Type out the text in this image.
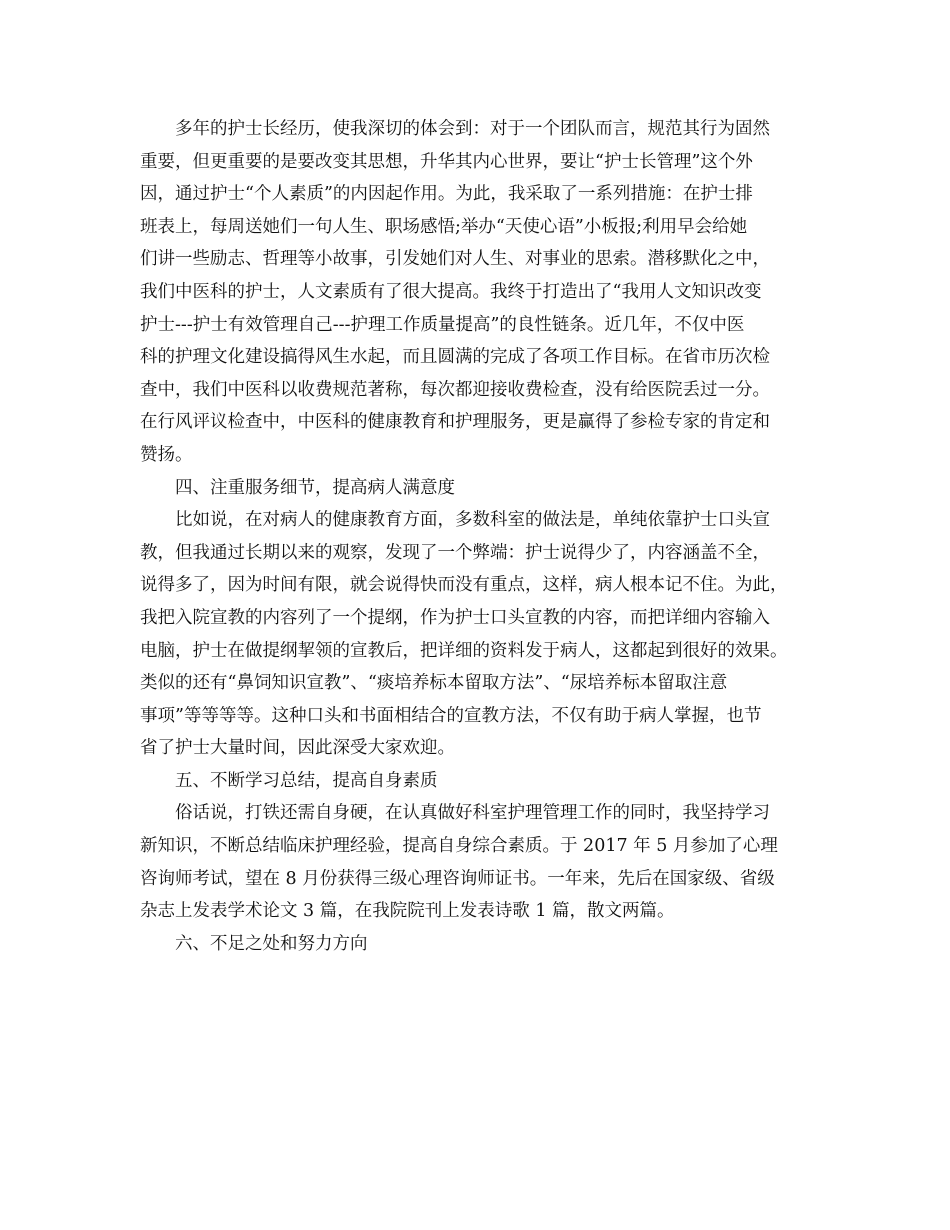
多年的护士长经历，使我深切的体会到：对于一个团队而言，规范其行为固然
重要，但更重要的是要改变其思想，升华其内心世界，要让“护士长管理”这个外
因，通过护士“个人素质”的内因起作用。为此，我采取了一系列措施：在护士排
班表上，每周送她们一句人生、职场感悟;举办“天使心语”小板报;利用早会给她
们讲一些励志、哲理等小故事，引发她们对人生、对事业的思索。潜移默化之中，
我们中医科的护士，人文素质有了很大提高。我终于打造出了“我用人文知识改变
护士---护士有效管理自己---护理工作质量提高”的良性链条。近几年，不仅中医
科的护理文化建设搞得风生水起，而且圆满的完成了各项工作目标。在省市历次检
查中，我们中医科以收费规范著称，每次都迎接收费检查，没有给医院丢过一分。
在行风评议检查中，中医科的健康教育和护理服务，更是赢得了参检专家的肯定和
赞扬。
四、注重服务细节，提高病人满意度
比如说，在对病人的健康教育方面，多数科室的做法是，单纯依靠护士口头宣
教，但我通过长期以来的观察，发现了一个弊端：护士说得少了，内容涵盖不全，
说得多了，因为时间有限，就会说得快而没有重点，这样，病人根本记不住。为此，
我把入院宣教的内容列了一个提纲，作为护士口头宣教的内容，而把详细内容输入
电脑，护士在做提纲挈领的宣教后，把详细的资料发于病人，这都起到很好的效果。
类似的还有“鼻饲知识宣教”、“痰培养标本留取方法”、“尿培养标本留取注意
事项”等等等等。这种口头和书面相结合的宣教方法，不仅有助于病人掌握，也节
省了护士大量时间，因此深受大家欢迎。
五、不断学习总结，提高自身素质
俗话说，打铁还需自身硬，在认真做好科室护理管理工作的同时，我坚持学习
新知识，不断总结临床护理经验，提高自身综合素质。于 2017 年 5 月参加了心理
咨询师考试，望在 8 月份获得三级心理咨询师证书。一年来，先后在国家级、省级
杂志上发表学术论文 3 篇，在我院院刊上发表诗歌 1 篇，散文两篇。
六、不足之处和努力方向
